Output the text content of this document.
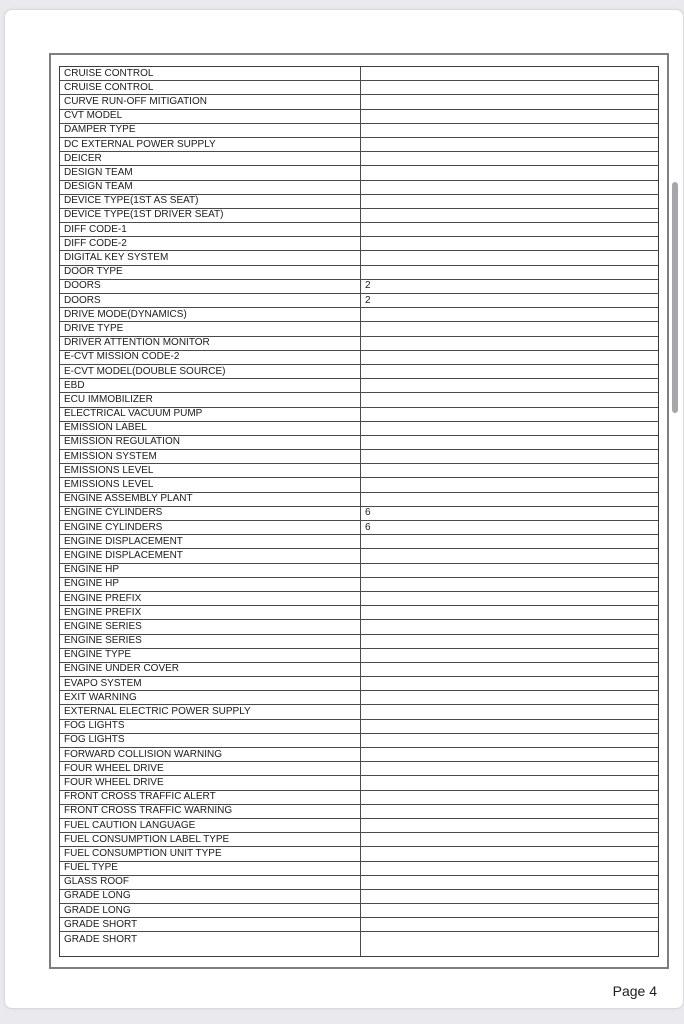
CRUISE CONTROL
CRUISE CONTROL
CURVE RUN-OFF MITIGATION
CVT MODEL
DAMPER TYPE
DC EXTERNAL POWER SUPPLY
DEICER
DESIGN TEAM
DESIGN TEAM
DEVICE TYPE(1ST AS SEAT)
DEVICE TYPE(1ST DRIVER SEAT)
DIFF CODE-1
DIFF CODE-2
DIGITAL KEY SYSTEM
DOOR TYPE
DOORS	2
DOORS	2
DRIVE MODE(DYNAMICS)
DRIVE TYPE
DRIVER ATTENTION MONITOR
E-CVT MISSION CODE-2
E-CVT MODEL(DOUBLE SOURCE)
EBD
ECU IMMOBILIZER
ELECTRICAL VACUUM PUMP
EMISSION LABEL
EMISSION REGULATION
EMISSION SYSTEM
EMISSIONS LEVEL
EMISSIONS LEVEL
ENGINE ASSEMBLY PLANT
ENGINE CYLINDERS	6
ENGINE CYLINDERS	6
ENGINE DISPLACEMENT
ENGINE DISPLACEMENT
ENGINE HP
ENGINE HP
ENGINE PREFIX
ENGINE PREFIX
ENGINE SERIES
ENGINE SERIES
ENGINE TYPE
ENGINE UNDER COVER
EVAPO SYSTEM
EXIT WARNING
EXTERNAL ELECTRIC POWER SUPPLY
FOG LIGHTS
FOG LIGHTS
FORWARD COLLISION WARNING
FOUR WHEEL DRIVE
FOUR WHEEL DRIVE
FRONT CROSS TRAFFIC ALERT
FRONT CROSS TRAFFIC WARNING
FUEL CAUTION LANGUAGE
FUEL CONSUMPTION LABEL TYPE
FUEL CONSUMPTION UNIT TYPE
FUEL TYPE
GLASS ROOF
GRADE LONG
GRADE LONG
GRADE SHORT
GRADE SHORT
Page 4
